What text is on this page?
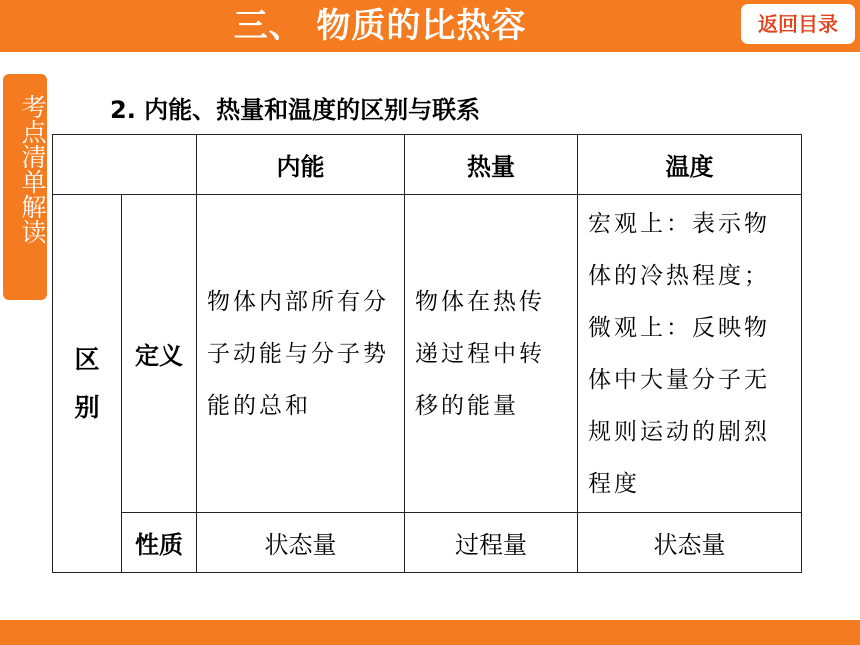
三、 物质的比热容	返回目录
考点清单解读	2. 内能、热量和温度的区别与联系
		内能	热量	温度

区别	定义	物体内部所有分子动能与分子势能的总和	物体在热传递过程中转移的能量	宏观上：表示物体的冷热程度；微观上：反映物体中大量分子无规则运动的剧烈程度

	性质	状态量	过程量	状态量
